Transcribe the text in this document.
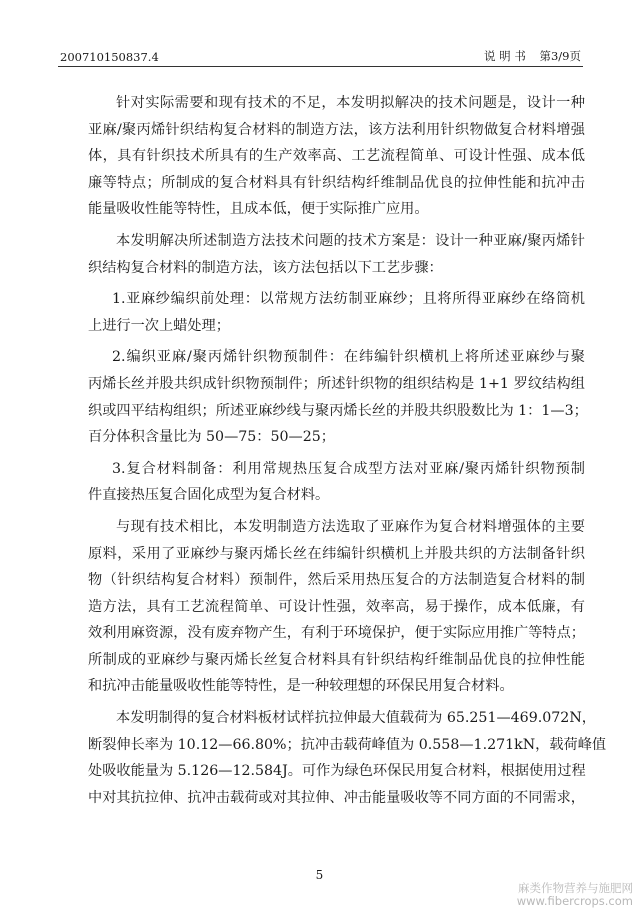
200710150837.4	说 明 书 第3/9页
针对实际需要和现有技术的不足，本发明拟解决的技术问题是，设计一种
亚麻/聚丙烯针织结构复合材料的制造方法，该方法利用针织物做复合材料增强
体，具有针织技术所具有的生产效率高、工艺流程简单、可设计性强、成本低
廉等特点；所制成的复合材料具有针织结构纤维制品优良的拉伸性能和抗冲击
能量吸收性能等特性，且成本低，便于实际推广应用。
本发明解决所述制造方法技术问题的技术方案是：设计一种亚麻/聚丙烯针
织结构复合材料的制造方法，该方法包括以下工艺步骤：
1.亚麻纱编织前处理：以常规方法纺制亚麻纱；且将所得亚麻纱在络筒机
上进行一次上蜡处理；
2.编织亚麻/聚丙烯针织物预制件：在纬编针织横机上将所述亚麻纱与聚
丙烯长丝并股共织成针织物预制件；所述针织物的组织结构是 1+1 罗纹结构组
织或四平结构组织；所述亚麻纱线与聚丙烯长丝的并股共织股数比为 1：1—3；
百分体积含量比为 50—75：50—25；
3.复合材料制备：利用常规热压复合成型方法对亚麻/聚丙烯针织物预制
件直接热压复合固化成型为复合材料。
与现有技术相比，本发明制造方法选取了亚麻作为复合材料增强体的主要
原料，采用了亚麻纱与聚丙烯长丝在纬编针织横机上并股共织的方法制备针织
物（针织结构复合材料）预制件，然后采用热压复合的方法制造复合材料的制
造方法，具有工艺流程简单、可设计性强，效率高，易于操作，成本低廉，有
效利用麻资源，没有废弃物产生，有利于环境保护，便于实际应用推广等特点；
所制成的亚麻纱与聚丙烯长丝复合材料具有针织结构纤维制品优良的拉伸性能
和抗冲击能量吸收性能等特性，是一种较理想的环保民用复合材料。
本发明制得的复合材料板材试样抗拉伸最大值载荷为 65.251—469.072N，
断裂伸长率为 10.12—66.80%；抗冲击载荷峰值为 0.558—1.271kN，载荷峰值
处吸收能量为 5.126—12.584J。可作为绿色环保民用复合材料，根据使用过程
中对其抗拉伸、抗冲击载荷或对其拉伸、冲击能量吸收等不同方面的不同需求，
5
麻类作物营养与施肥网
www.fibercrops.com
